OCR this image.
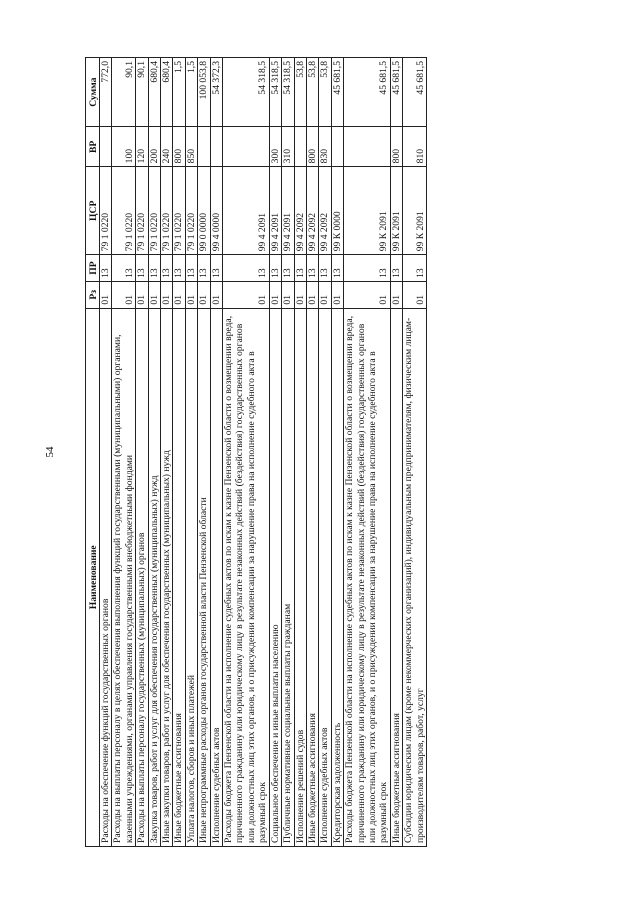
54
Наименование	Рз	ПР	ЦСР	ВР	Сумма
Расходы на обеспечение функций государственных органов	01	13	79 1 0220		772,0
Расходы на выплаты персоналу в целях обеспечения выполнения функций государственными (муниципальными) органами, казенными учреждениями, органами управления государственными внебюджетными фондами	01	13	79 1 0220	100	90,1
Расходы на выплаты персоналу государственных (муниципальных) органов	01	13	79 1 0220	120	90,1
Закупка товаров, работ и услуг для обеспечения государственных (муниципальных) нужд	01	13	79 1 0220	200	680,4
Иные закупки товаров, работ и услуг для обеспечения государственных (муниципальных) нужд	01	13	79 1 0220	240	680,4
Иные бюджетные ассигнования	01	13	79 1 0220	800	1,5
Уплата налогов, сборов и иных платежей	01	13	79 1 0220	850	1,5
Иные непрограммные расходы органов государственной власти Пензенской области	01	13	99 0 0000		100 053,8
Исполнение судебных актов	01	13	99 4 0000		54 372,3
Расходы бюджета Пензенской области на исполнение судебных актов по искам к казне Пензенской области о возмещении вреда, причиненного гражданину или юридическому лицу в результате незаконных действий (бездействия) государственных органов или должностных лиц этих органов, и о присуждении компенсации за нарушение права на исполнение судебного акта в разумный срок	01	13	99 4 2091		54 318,5
Социальное обеспечение и иные выплаты населению	01	13	99 4 2091	300	54 318,5
Публичные нормативные социальные выплаты гражданам	01	13	99 4 2091	310	54 318,5
Исполнение решений судов	01	13	99 4 2092		53,8
Иные бюджетные ассигнования	01	13	99 4 2092	800	53,8
Исполнение судебных актов	01	13	99 4 2092	830	53,8
Кредиторская задолженность	01	13	99 К 0000		45 681,5
Расходы бюджета Пензенской области на исполнение судебных актов по искам к казне Пензенской области о возмещении вреда, причиненного гражданину или юридическому лицу в результате незаконных действий (бездействия) государственных органов или должностных лиц этих органов, и о присуждении компенсации за нарушение права на исполнение судебного акта в разумный срок	01	13	99 К 2091		45 681,5
Иные бюджетные ассигнования	01	13	99 К 2091	800	45 681,5
Субсидии юридическим лицам (кроме некоммерческих организаций), индивидуальным предпринимателям, физическим лицам-производителям товаров, работ, услуг	01	13	99 К 2091	810	45 681,5
